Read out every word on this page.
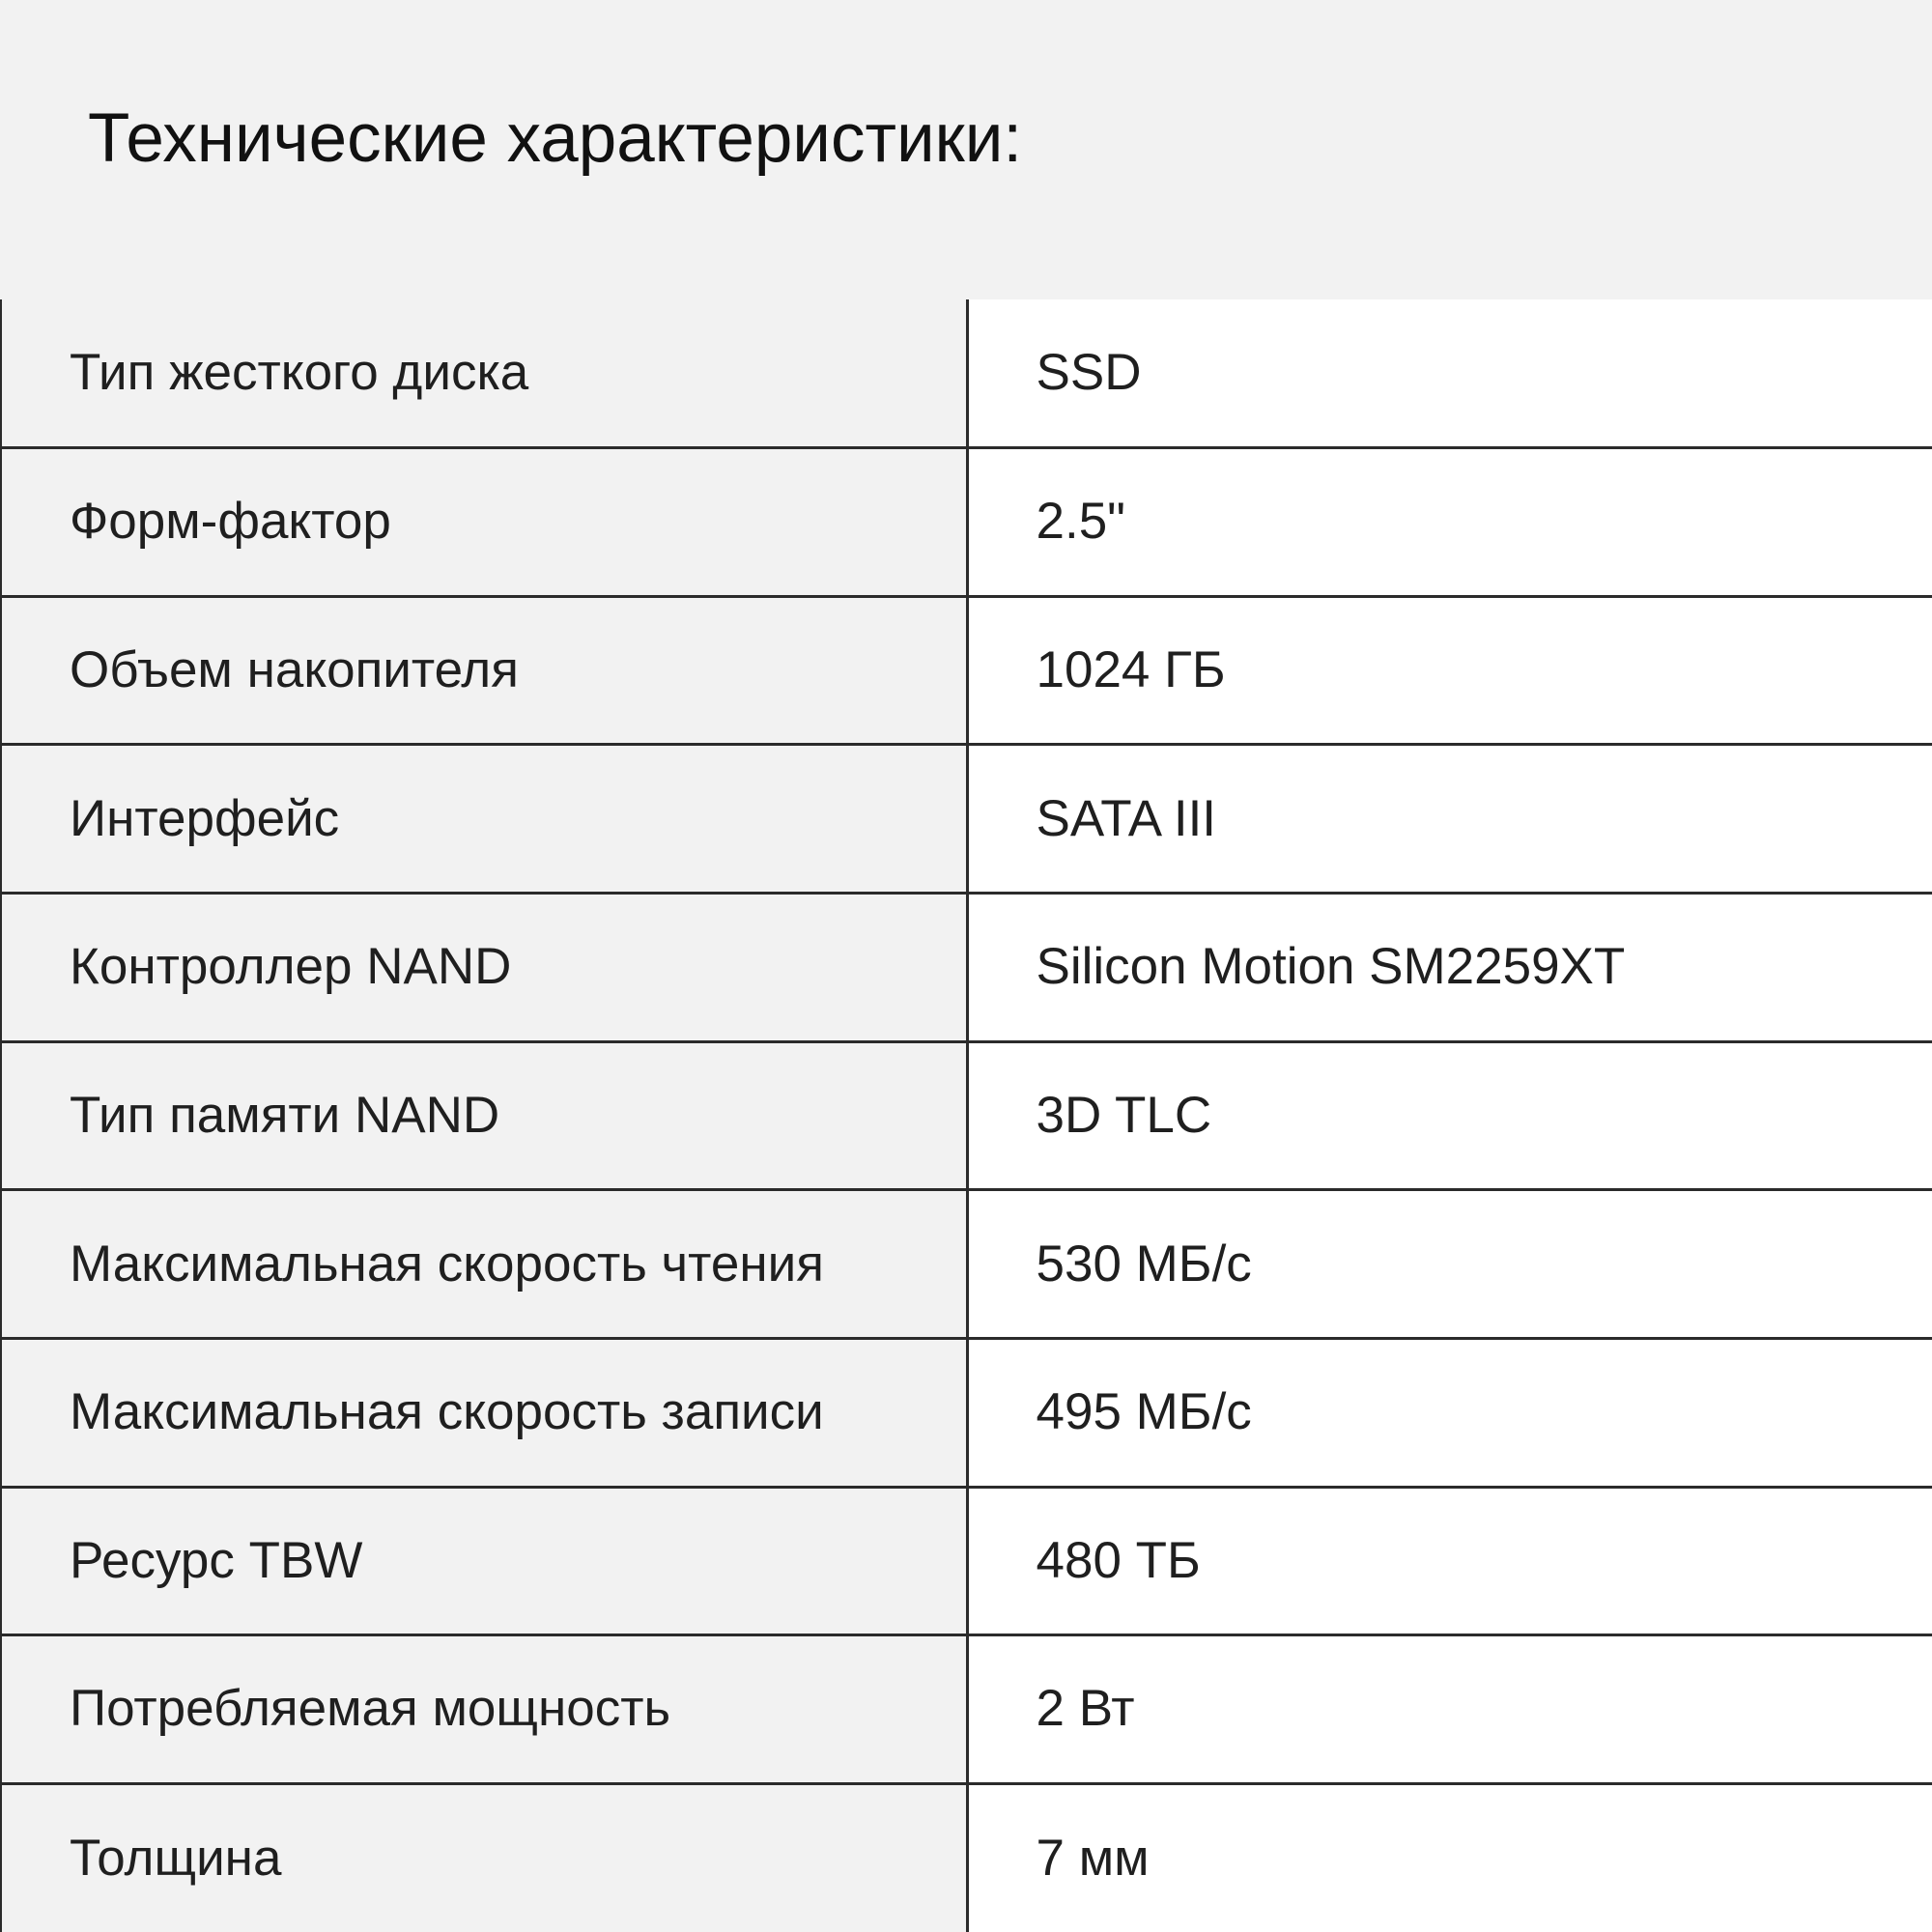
Технические характеристики:
Тип жесткого диска	SSD
Форм-фактор	2.5"
Объем накопителя	1024 ГБ
Интерфейс	SATA III
Контроллер NAND	Silicon Motion SM2259XT
Тип памяти NAND	3D TLC
Максимальная скорость чтения	530 МБ/с
Максимальная скорость записи	495 МБ/с
Ресурс TBW	480 ТБ
Потребляемая мощность	2 Вт
Толщина	7 мм
